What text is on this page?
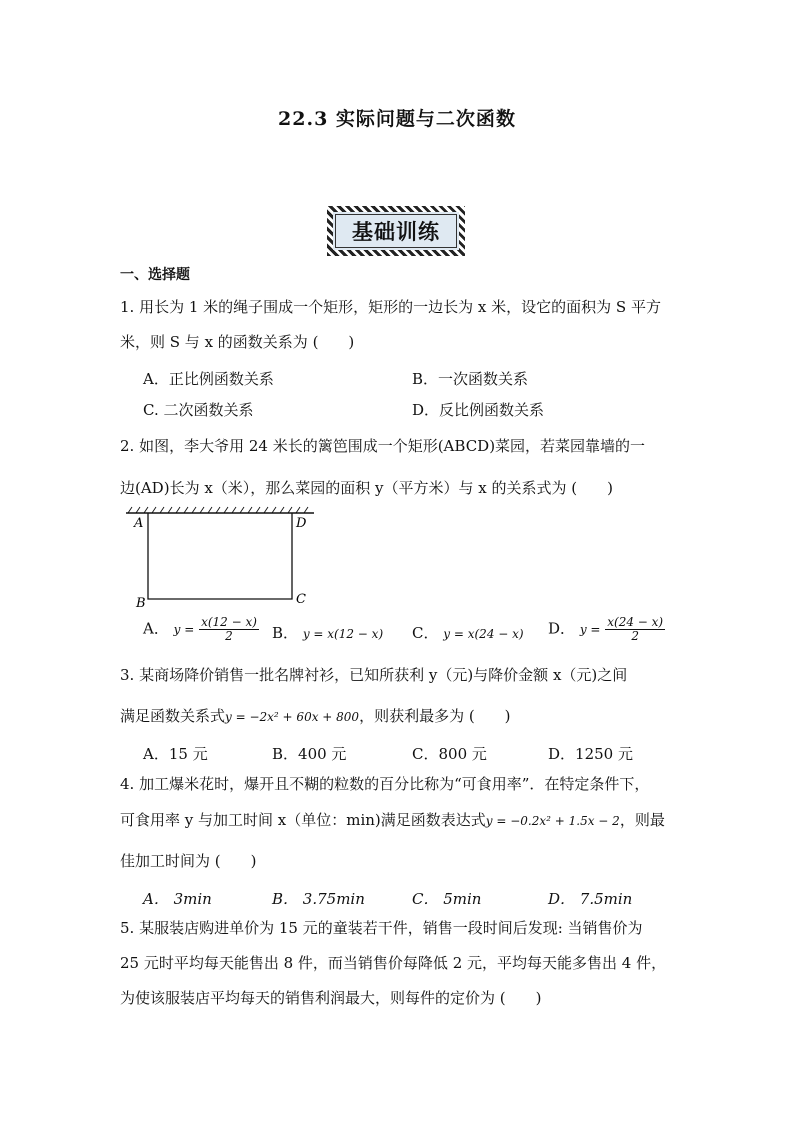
22.3 实际问题与二次函数
基础训练
一、选择题
1. 用长为 1 米的绳子围成一个矩形，矩形的一边长为 x 米，设它的面积为 S 平方
米，则 S 与 x 的函数关系为 (　　)
A．正比例函数关系	B．一次函数关系
C. 二次函数关系	D．反比例函数关系
2. 如图，李大爷用 24 米长的篱笆围成一个矩形(ABCD)菜园，若菜园靠墙的一
边(AD)长为 x（米），那么菜园的面积 y（平方米）与 x 的关系式为 (　　)
A	D
B	C
A． $y = \frac{x(12 - x)}{2}$ B． y = x(12 − x) C． y = x(24 − x) D． $y = \frac{x(24 - x)}{2}$
3. 某商场降价销售一批名牌衬衫，已知所获利 y（元)与降价金额 x（元)之间
满足函数关系式y = −2x² + 60x + 800，则获利最多为 (　　)
A．15 元	B．400 元	C．800 元	D．1250 元
4. 加工爆米花时，爆开且不糊的粒数的百分比称为“可食用率”．在特定条件下，
可食用率 y 与加工时间 x（单位：min)满足函数表达式y = −0.2x² + 1.5x − 2，则最
佳加工时间为 (　　)
A． 3min	B． 3.75min	C． 5min	D． 7.5min
5. 某服装店购进单价为 15 元的童装若干件，销售一段时间后发现: 当销售价为
25 元时平均每天能售出 8 件，而当销售价每降低 2 元，平均每天能多售出 4 件，
为使该服装店平均每天的销售利润最大，则每件的定价为 (　　)
